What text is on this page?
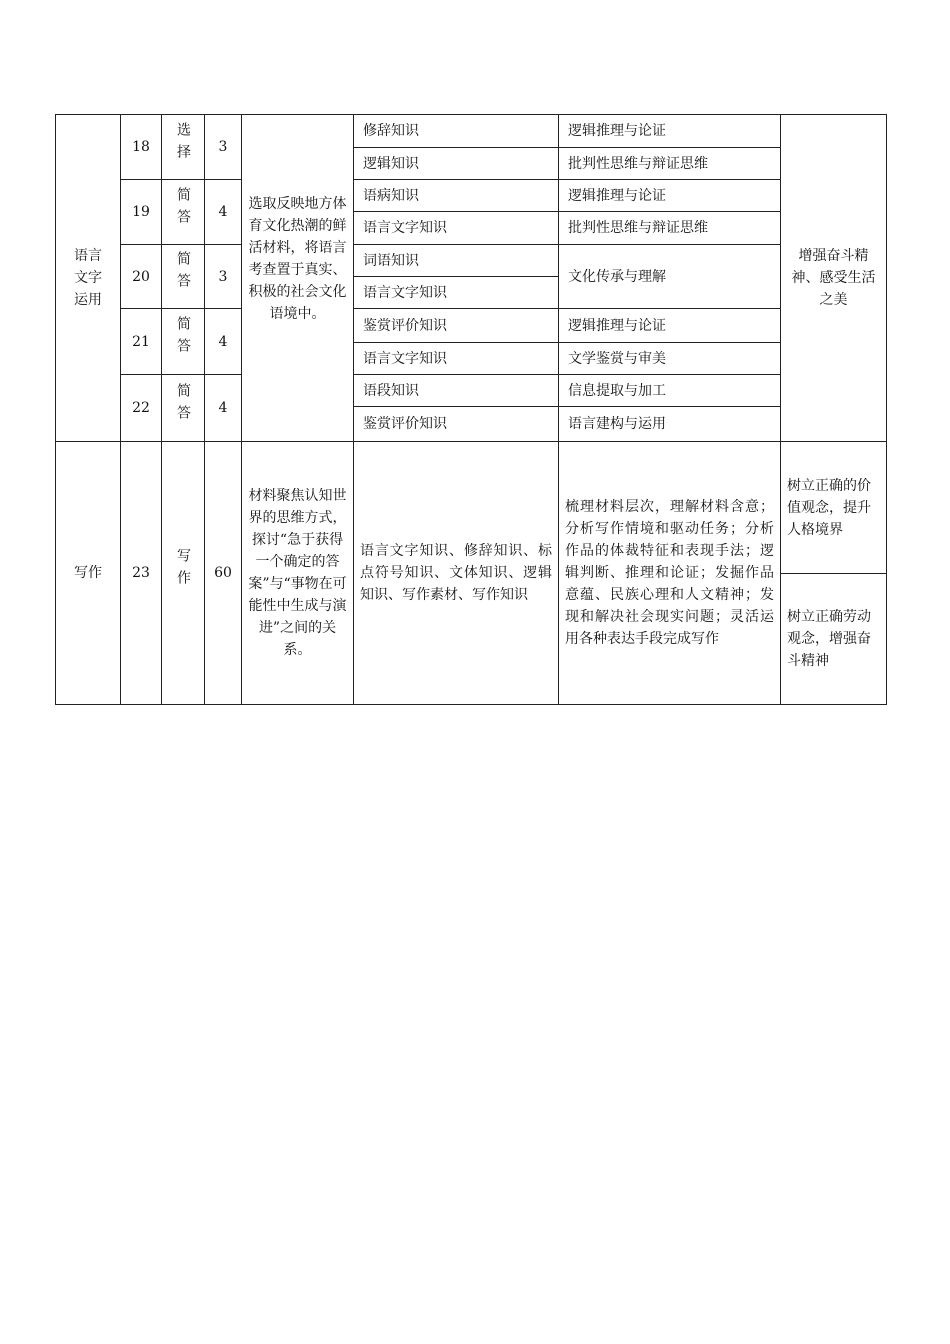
语言文字运用	18	选择	3	选取反映地方体育文化热潮的鲜活材料，将语言考查置于真实、积极的社会文化语境中。	修辞知识	逻辑推理与论证	增强奋斗精神、感受生活之美
					逻辑知识	批判性思维与辩证思维	
	19	简答	4		语病知识	逻辑推理与论证	
					语言文字知识	批判性思维与辩证思维	
	20	简答	3		词语知识	文化传承与理解	
					语言文字知识		
	21	简答	4		鉴赏评价知识	逻辑推理与论证	
					语言文字知识	文学鉴赏与审美	
	22	简答	4		语段知识	信息提取与加工	
					鉴赏评价知识	语言建构与运用	
写作	23	写作	60	材料聚焦认知世界的思维方式，探讨“急于获得一个确定的答案”与“事物在可能性中生成与演进”之间的关系。	语言文字知识、修辞知识、标点符号知识、文体知识、逻辑知识、写作素材、写作知识	梳理材料层次，理解材料含意；分析写作情境和驱动任务；分析作品的体裁特征和表现手法；逻辑判断、推理和论证；发掘作品意蕴、民族心理和人文精神；发现和解决社会现实问题；灵活运用各种表达手段完成写作	树立正确的价值观念，提升人格境界
							树立正确劳动观念，增强奋斗精神
